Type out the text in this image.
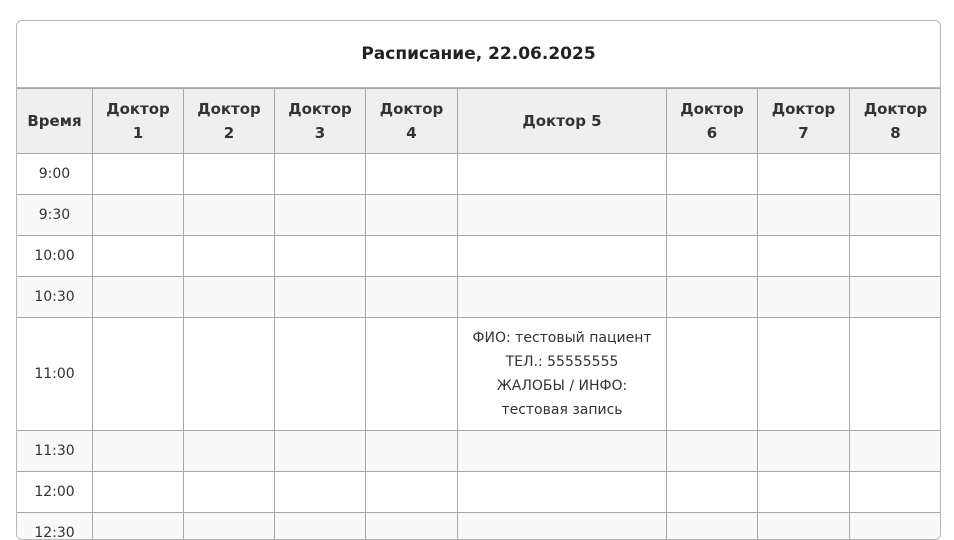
Расписание, 22.06.2025
Время	Доктор 1	Доктор 2	Доктор 3	Доктор 4	Доктор 5	Доктор 6	Доктор 7	Доктор 8
9:00								
9:30								
10:00								
10:30								
11:00					ФИО: тестовый пациент
ТЕЛ.: 55555555
ЖАЛОБЫ / ИНФО:
тестовая запись			

11:30								
12:00								
12:30								
